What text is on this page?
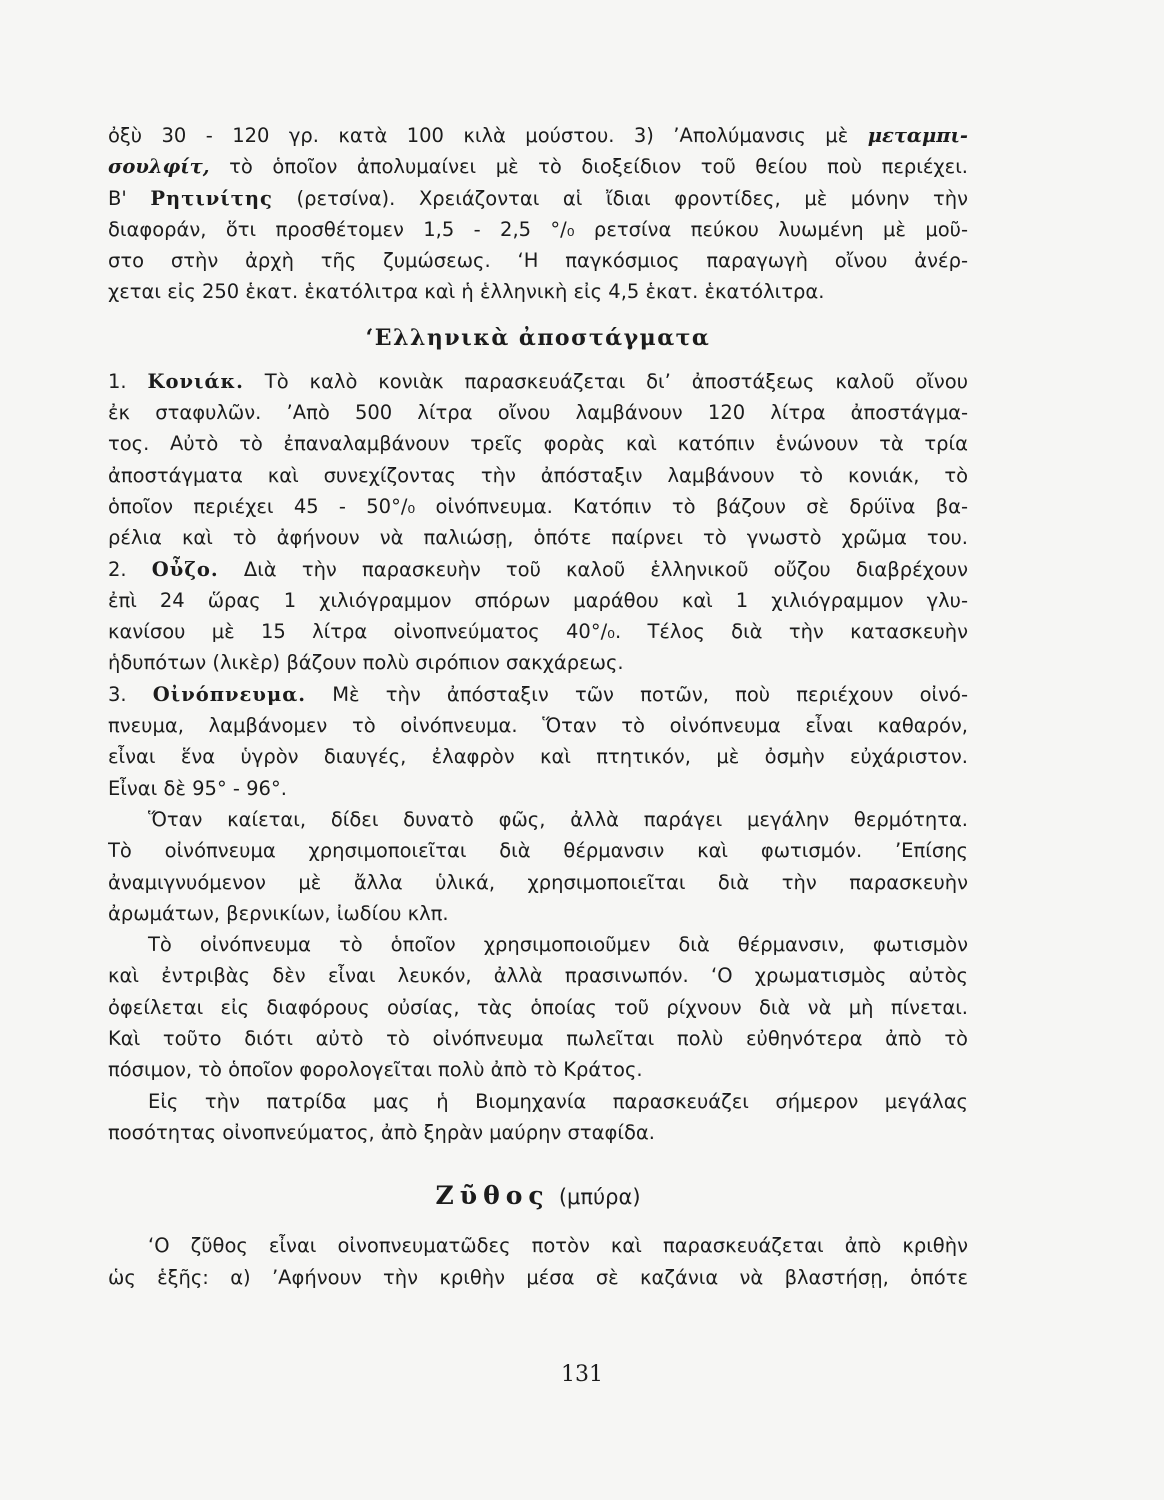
ὀξὺ 30 - 120 γρ. κατὰ 100 κιλὰ μούστου. 3) ’Απολύμανσις μὲ μεταμπι-
σουλφίτ, τὸ ὁποῖον ἀπολυμαίνει μὲ τὸ διοξείδιον τοῦ θείου ποὺ περιέχει.
Β' Ρητινίτης (ρετσίνα). Χρειάζονται αἱ ἴδιαι φροντίδες, μὲ μόνην τὴν
διαφοράν, ὅτι προσθέτομεν 1,5 - 2,5 °/₀ ρετσίνα πεύκου λυωμένη μὲ μοῦ-
στο στὴν ἀρχὴ τῆς ζυμώσεως. ‘Η παγκόσμιος παραγωγὴ οἴνου ἀνέρ-
χεται εἰς 250 ἑκατ. ἑκατόλιτρα καὶ ἡ ἑλληνικὴ εἰς 4,5 ἑκατ. ἑκατόλιτρα.
‘Ελληνικὰ ἀποστάγματα
1. Κονιάκ. Τὸ καλὸ κονιὰκ παρασκευάζεται δι’ ἀποστάξεως καλοῦ οἴνου
ἐκ σταφυλῶν. ’Απὸ 500 λίτρα οἴνου λαμβάνουν 120 λίτρα ἀποστάγμα-
τος. Αὐτὸ τὸ ἐπαναλαμβάνουν τρεῖς φορὰς καὶ κατόπιν ἑνώνουν τὰ τρία
ἀποστάγματα καὶ συνεχίζοντας τὴν ἀπόσταξιν λαμβάνουν τὸ κονιάκ, τὸ
ὁποῖον περιέχει 45 - 50°/₀ οἰνόπνευμα. Κατόπιν τὸ βάζουν σὲ δρύϊνα βα-
ρέλια καὶ τὸ ἀφήνουν νὰ παλιώσῃ, ὁπότε παίρνει τὸ γνωστὸ χρῶμα του.
2. Οὖζο. Διὰ τὴν παρασκευὴν τοῦ καλοῦ ἑλληνικοῦ οὔζου διαβρέχουν
ἐπὶ 24 ὥρας 1 χιλιόγραμμον σπόρων μαράθου καὶ 1 χιλιόγραμμον γλυ-
κανίσου μὲ 15 λίτρα οἰνοπνεύματος 40°/₀. Τέλος διὰ τὴν κατασκευὴν
ἡδυπότων (λικὲρ) βάζουν πολὺ σιρόπιον σακχάρεως.
3. Οἰνόπνευμα. Μὲ τὴν ἀπόσταξιν τῶν ποτῶν, ποὺ περιέχουν οἰνό-
πνευμα, λαμβάνομεν τὸ οἰνόπνευμα. Ὅταν τὸ οἰνόπνευμα εἶναι καθαρόν,
εἶναι ἕνα ὑγρὸν διαυγές, ἐλαφρὸν καὶ πτητικόν, μὲ ὀσμὴν εὐχάριστον.
Εἶναι δὲ 95° - 96°.
Ὅταν καίεται, δίδει δυνατὸ φῶς, ἀλλὰ παράγει μεγάλην θερμότητα.
Τὸ οἰνόπνευμα χρησιμοποιεῖται διὰ θέρμανσιν καὶ φωτισμόν. ’Επίσης
ἀναμιγνυόμενον μὲ ἄλλα ὑλικά, χρησιμοποιεῖται διὰ τὴν παρασκευὴν
ἀρωμάτων, βερνικίων, ἰωδίου κλπ.
Τὸ οἰνόπνευμα τὸ ὁποῖον χρησιμοποιοῦμεν διὰ θέρμανσιν, φωτισμὸν
καὶ ἐντριβὰς δὲν εἶναι λευκόν, ἀλλὰ πρασινωπόν. ‘Ο χρωματισμὸς αὐτὸς
ὀφείλεται εἰς διαφόρους οὐσίας, τὰς ὁποίας τοῦ ρίχνουν διὰ νὰ μὴ πίνεται.
Καὶ τοῦτο διότι αὐτὸ τὸ οἰνόπνευμα πωλεῖται πολὺ εὐθηνότερα ἀπὸ τὸ
πόσιμον, τὸ ὁποῖον φορολογεῖται πολὺ ἀπὸ τὸ Κράτος.
Εἰς τὴν πατρίδα μας ἡ Βιομηχανία παρασκευάζει σήμερον μεγάλας
ποσότητας οἰνοπνεύματος, ἀπὸ ξηρὰν μαύρην σταφίδα.
Ζῦθος (μπύρα)
‘Ο ζῦθος εἶναι οἰνοπνευματῶδες ποτὸν καὶ παρασκευάζεται ἀπὸ κριθὴν
ὡς ἑξῆς: α) ’Αφήνουν τὴν κριθὴν μέσα σὲ καζάνια νὰ βλαστήσῃ, ὁπότε
131
